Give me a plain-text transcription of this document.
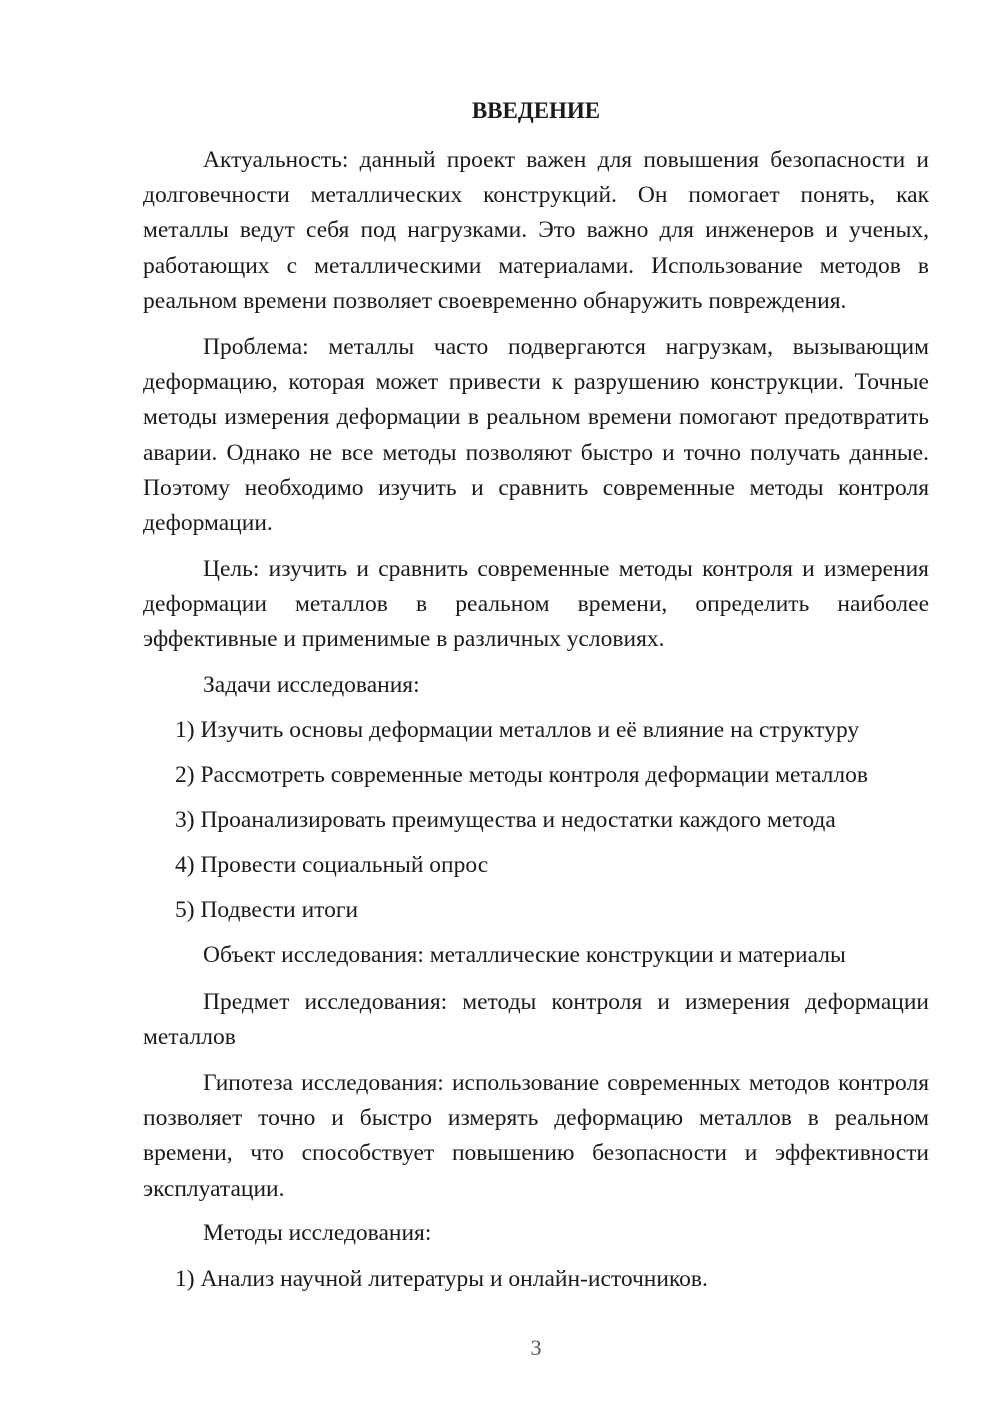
ВВЕДЕНИЕ

Актуальность: данный проект важен для повышения безопасности и долговечности металлических конструкций. Он помогает понять, как металлы ведут себя под нагрузками. Это важно для инженеров и ученых, работающих с металлическими материалами. Использование методов в реальном времени позволяет своевременно обнаружить повреждения.

Проблема: металлы часто подвергаются нагрузкам, вызывающим деформацию, которая может привести к разрушению конструкции. Точные методы измерения деформации в реальном времени помогают предотвратить аварии. Однако не все методы позволяют быстро и точно получать данные. Поэтому необходимо изучить и сравнить современные методы контроля деформации.

Цель: изучить и сравнить современные методы контроля и измерения деформации металлов в реальном времени, определить наиболее эффективные и применимые в различных условиях.

Задачи исследования:

1) Изучить основы деформации металлов и её влияние на структуру

2) Рассмотреть современные методы контроля деформации металлов

3) Проанализировать преимущества и недостатки каждого метода

4) Провести социальный опрос

5) Подвести итоги

Объект исследования: металлические конструкции и материалы

Предмет исследования: методы контроля и измерения деформации металлов

Гипотеза исследования: использование современных методов контроля позволяет точно и быстро измерять деформацию металлов в реальном времени, что способствует повышению безопасности и эффективности эксплуатации.

Методы исследования:

1) Анализ научной литературы и онлайн-источников.

3
